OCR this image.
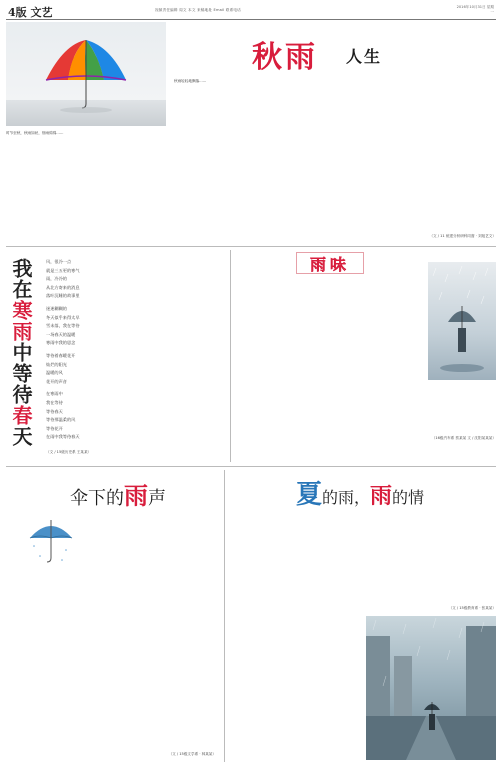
4版 文艺	视频责任编辑 周文 本文 来稿地址 Email 联系电话
2016年10月31日 星期一
秋雨 人生
时节至秋，秋雨如丝，细雨绵绵……
秋雨轻轻地飘落……
（文 / 11 统建分析研科同窗 · 刘旭艺文）
我在寒雨中等待春天
风，很冷一点
就是三五更的寒气
雨，冷冷的
从北方寄来的消息
落叶沉睡的故事里
迷迷糊糊的
冬天似乎来得太早
雪未落，我在等待
一场春天的温暖
寒雨中我的思念
等待着春暖花开
灿烂的阳光
温暖的风
花开的声音
在寒雨中
我在等待
等待春天
等待那温柔的风
等待花开
在雨中我等待春天
（文 / 15级历史系 王某某）
雨味
（16级汽车系 蔡某某 文 / 沈阳某某某）
伞下的雨声
（文 / 15级文学系 · 林某某）
夏的雨，雨的情
（文 / 15级教育系 · 张某某）
